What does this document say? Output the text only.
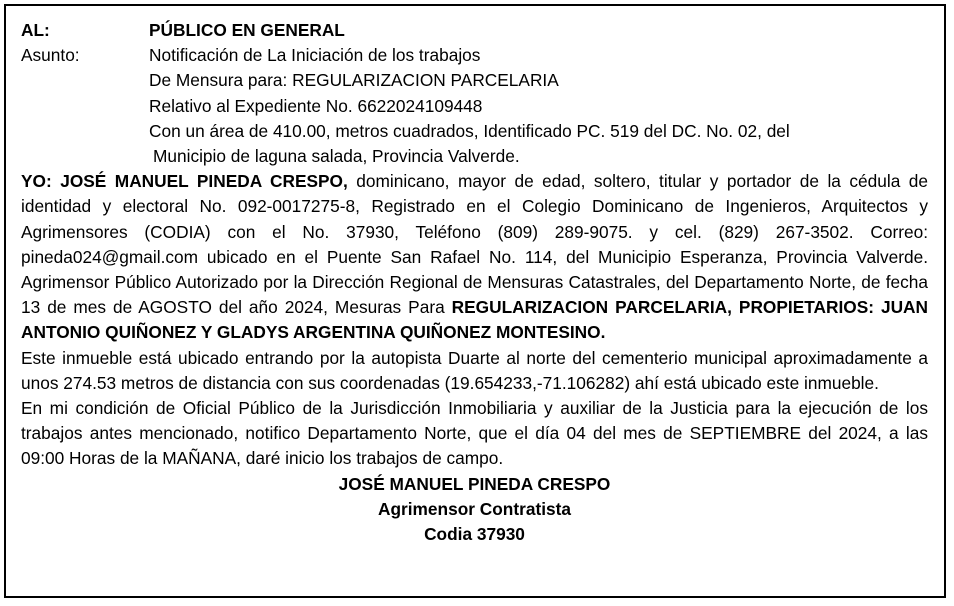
AL:	PÚBLICO EN GENERAL
Asunto:	Notificación de La Iniciación de los trabajos
De Mensura para: REGULARIZACION PARCELARIA
Relativo al Expediente No. 6622024109448
Con un área de 410.00, metros cuadrados, Identificado PC. 519 del DC. No. 02, del
Municipio de laguna salada, Provincia Valverde.

YO: JOSÉ MANUEL PINEDA CRESPO, dominicano, mayor de edad, soltero, titular y portador de la cédula de identidad y electoral No. 092-0017275-8, Registrado en el Colegio Dominicano de Ingenieros, Arquitectos y Agrimensores (CODIA) con el No. 37930, Teléfono (809) 289-9075. y cel. (829) 267-3502. Correo: pineda024@gmail.com ubicado en el Puente San Rafael No. 114, del Municipio Esperanza, Provincia Valverde. Agrimensor Público Autorizado por la Dirección Regional de Mensuras Catastrales, del Departamento Norte, de fecha 13 de mes de AGOSTO del año 2024, Mesuras Para REGULARIZACION PARCELARIA, PROPIETARIOS: JUAN ANTONIO QUIÑONEZ Y GLADYS ARGENTINA QUIÑONEZ MONTESINO.

Este inmueble está ubicado entrando por la autopista Duarte al norte del cementerio municipal aproximadamente a unos 274.53 metros de distancia con sus coordenadas (19.654233,-71.106282) ahí está ubicado este inmueble.

En mi condición de Oficial Público de la Jurisdicción Inmobiliaria y auxiliar de la Justicia para la ejecución de los trabajos antes mencionado, notifico Departamento Norte, que el día 04 del mes de SEPTIEMBRE del 2024, a las 09:00 Horas de la MAÑANA, daré inicio los trabajos de campo.

JOSÉ MANUEL PINEDA CRESPO
Agrimensor Contratista
Codia 37930
